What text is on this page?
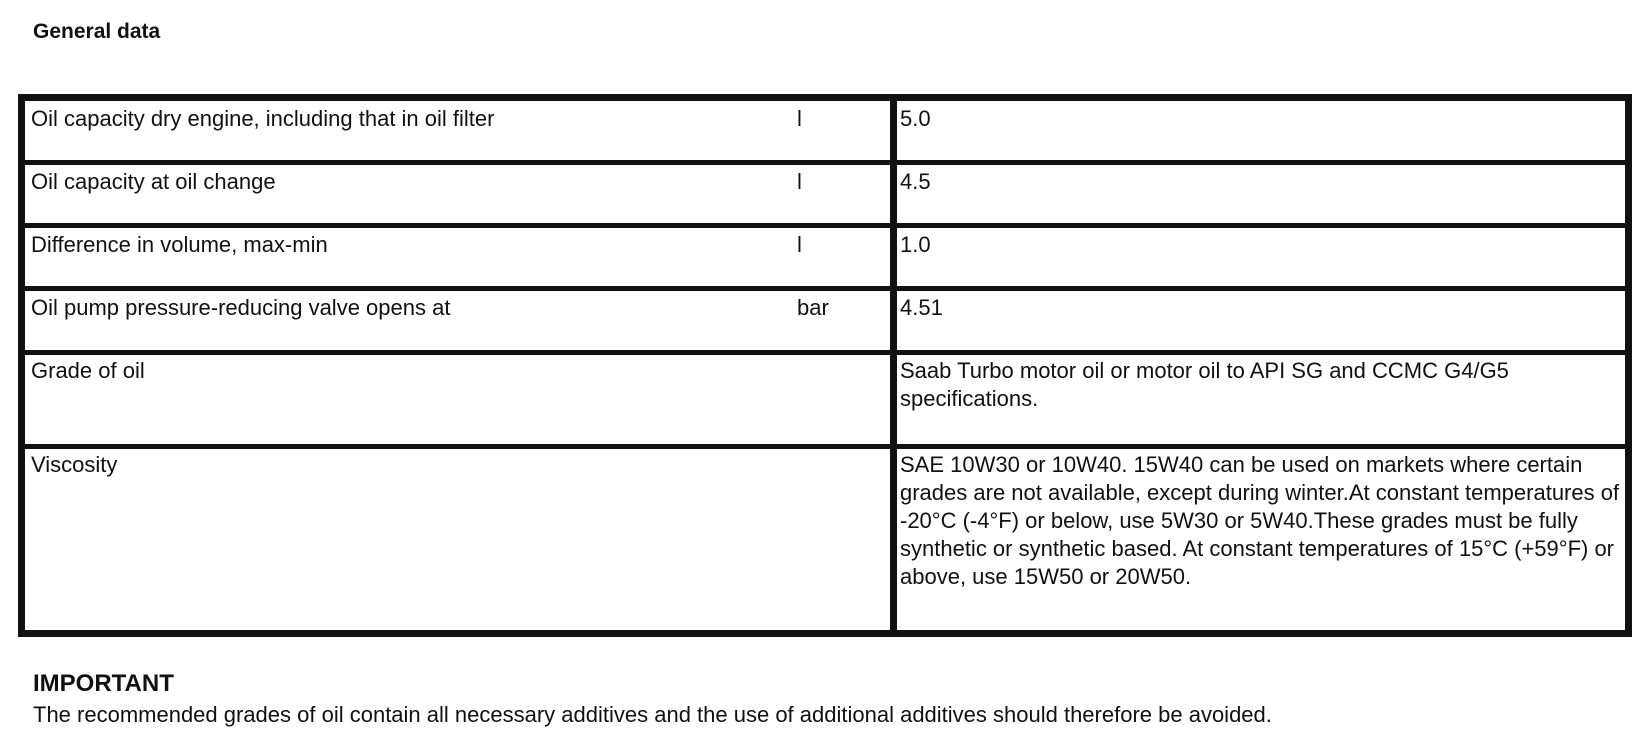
General data
Oil capacity dry engine, including that in oil filter	l	5.0
Oil capacity at oil change	l	4.5
Difference in volume, max-min	l	1.0
Oil pump pressure-reducing valve opens at	bar	4.51
Grade of oil	Saab Turbo motor oil or motor oil to API SG and CCMC G4/G5 specifications.
Viscosity	SAE 10W30 or 10W40. 15W40 can be used on markets where certain grades are not available, except during winter.At constant temperatures of -20°C (-4°F) or below, use 5W30 or 5W40.These grades must be fully synthetic or synthetic based. At constant temperatures of 15°C (+59°F) or above, use 15W50 or 20W50.
IMPORTANT

The recommended grades of oil contain all necessary additives and the use of additional additives should therefore be avoided.
